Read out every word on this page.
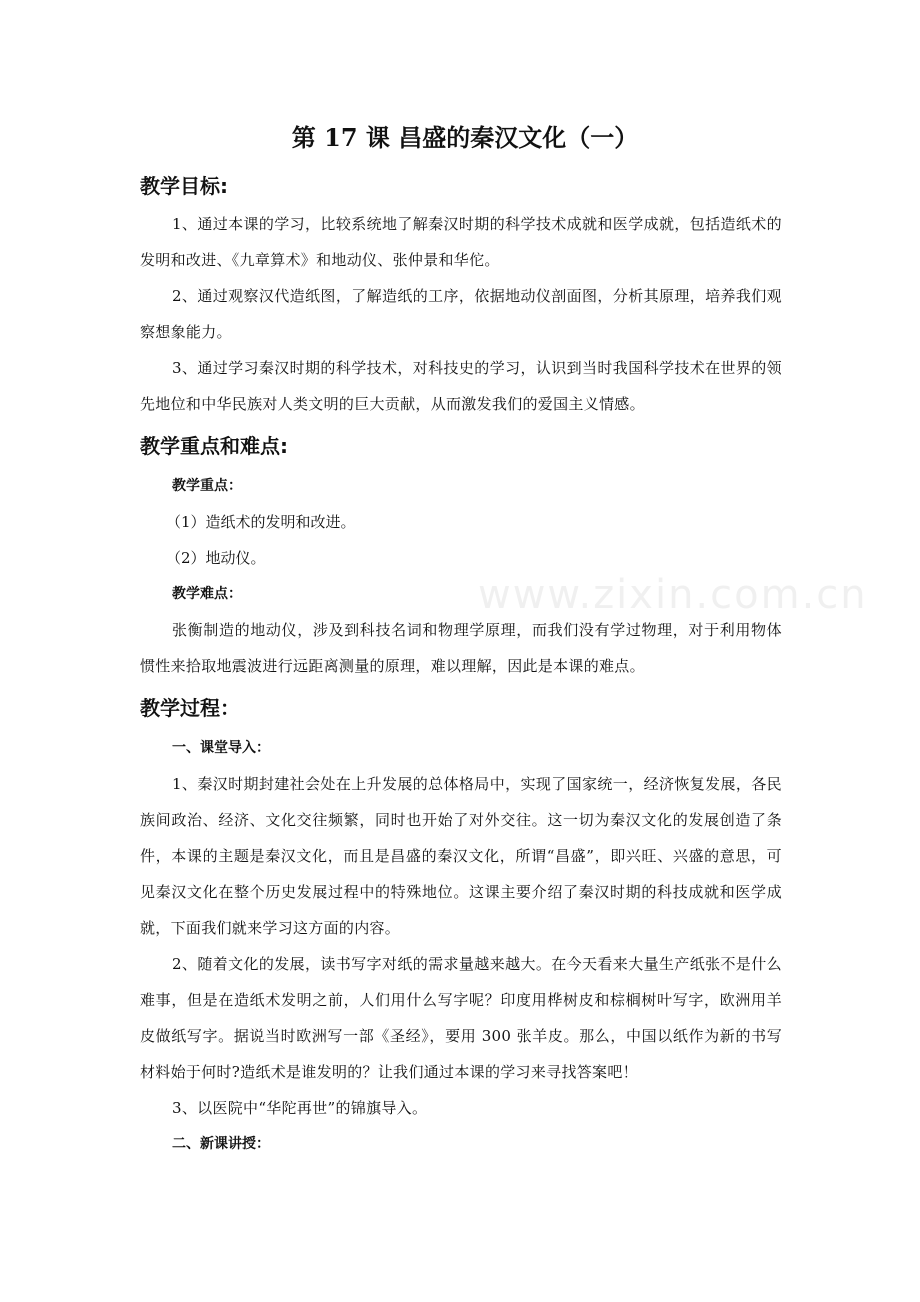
第 17 课 昌盛的秦汉文化（一）
教学目标:

1、通过本课的学习，比较系统地了解秦汉时期的科学技术成就和医学成就，包括造纸术的发明和改进、《九章算术》和地动仪、张仲景和华佗。

2、通过观察汉代造纸图，了解造纸的工序，依据地动仪剖面图，分析其原理，培养我们观察想象能力。

3、通过学习秦汉时期的科学技术，对科技史的学习，认识到当时我国科学技术在世界的领先地位和中华民族对人类文明的巨大贡献，从而激发我们的爱国主义情感。

教学重点和难点:

教学重点：

（1）造纸术的发明和改进。

（2）地动仪。

教学难点：

张衡制造的地动仪，涉及到科技名词和物理学原理，而我们没有学过物理，对于利用物体惯性来拾取地震波进行远距离测量的原理，难以理解，因此是本课的难点。

教学过程：

一、课堂导入：

1、秦汉时期封建社会处在上升发展的总体格局中，实现了国家统一，经济恢复发展，各民族间政治、经济、文化交往频繁，同时也开始了对外交往。这一切为秦汉文化的发展创造了条件，本课的主题是秦汉文化，而且是昌盛的秦汉文化，所谓“昌盛”，即兴旺、兴盛的意思，可见秦汉文化在整个历史发展过程中的特殊地位。这课主要介绍了秦汉时期的科技成就和医学成就，下面我们就来学习这方面的内容。

2、随着文化的发展，读书写字对纸的需求量越来越大。在今天看来大量生产纸张不是什么难事，但是在造纸术发明之前，人们用什么写字呢？印度用桦树皮和棕榈树叶写字，欧洲用羊皮做纸写字。据说当时欧洲写一部《圣经》，要用 300 张羊皮。那么，中国以纸作为新的书写材料始于何时?造纸术是谁发明的？让我们通过本课的学习来寻找答案吧！

3、以医院中“华陀再世”的锦旗导入。

二、新课讲授：

www.zixin.com.cn
